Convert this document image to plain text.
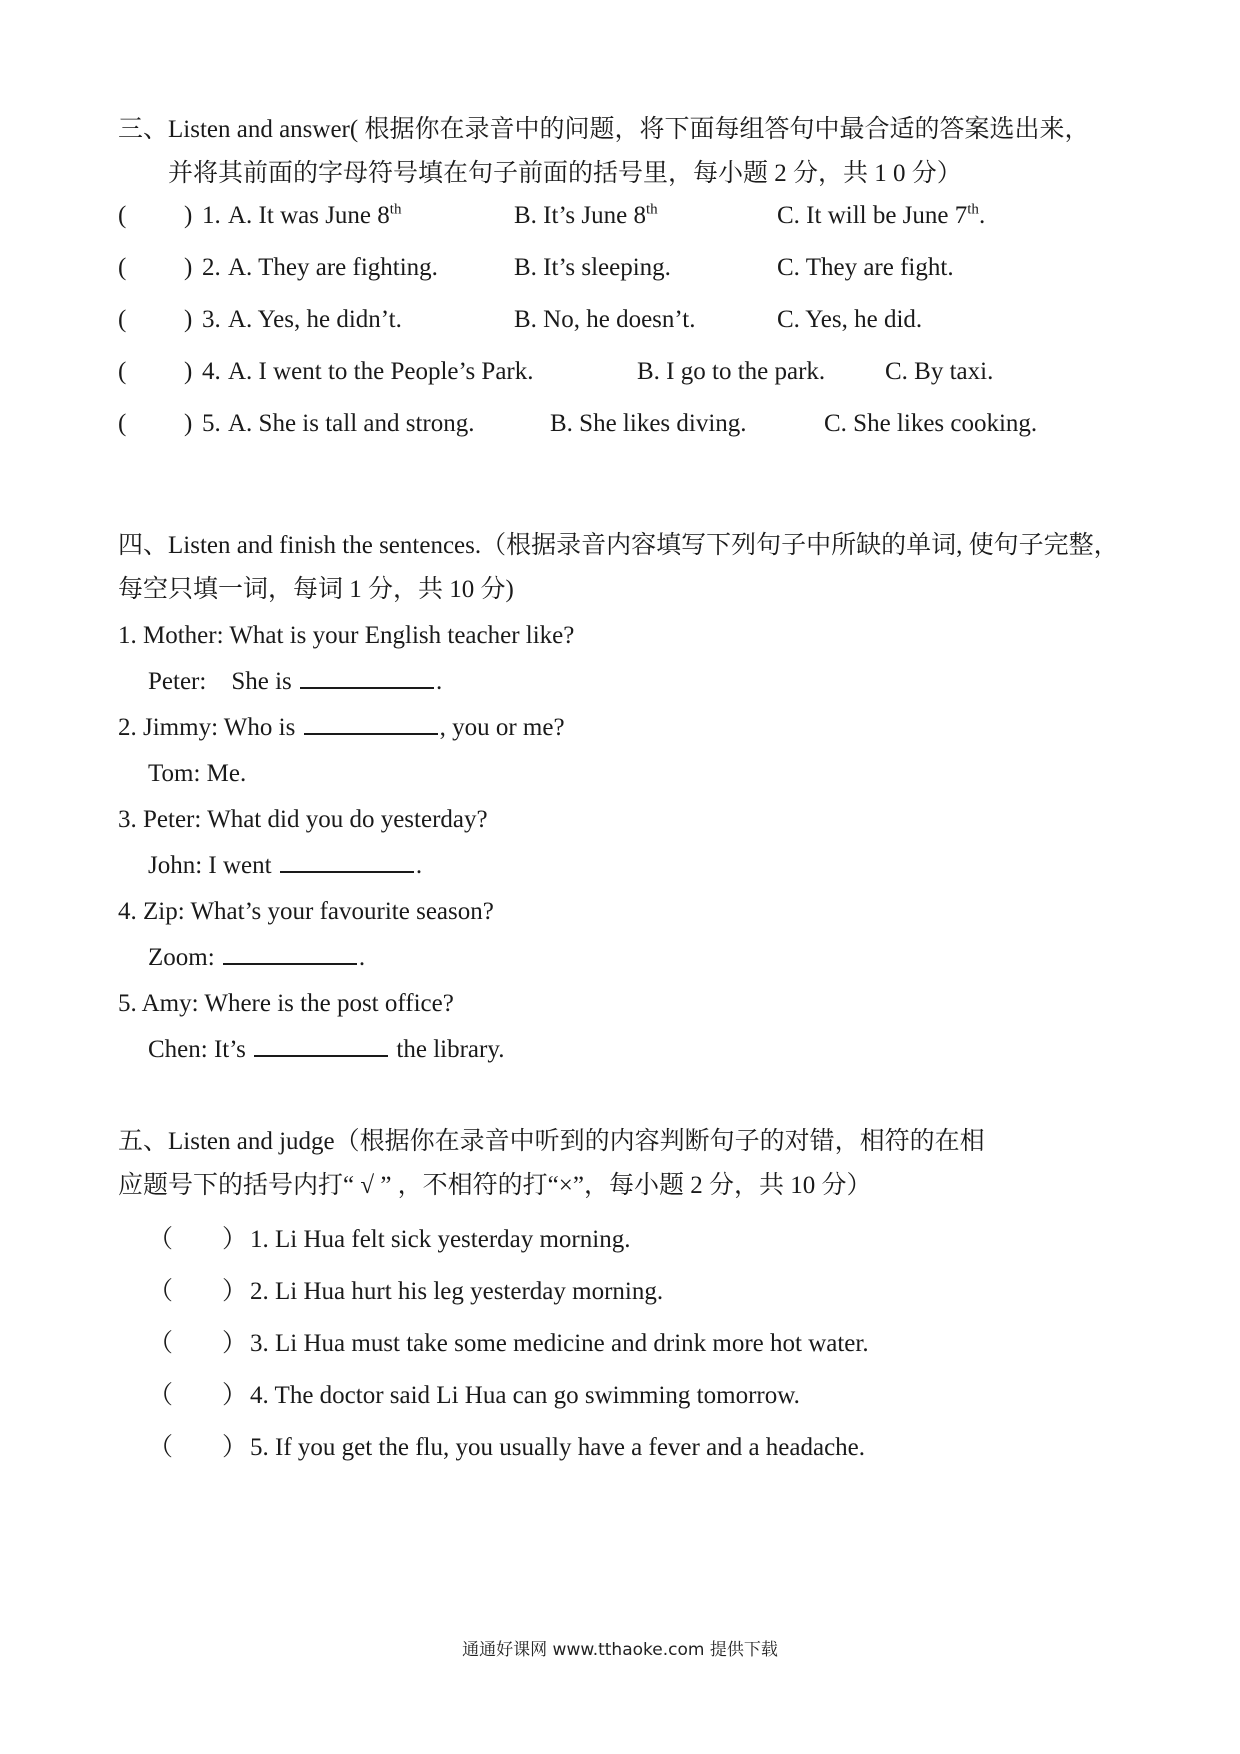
三、Listen and answer( 根据你在录音中的问题，将下面每组答句中最合适的答案选出来，
并将其前面的字母符号填在句子前面的括号里，每小题 2 分，共 1 0 分）
( ) 1. A. It was June 8th	B. It’s June 8th	C. It will be June 7th.
( ) 2. A. They are fighting.	B. It’s sleeping.	C. They are fight.
( ) 3. A. Yes, he didn’t.	B. No, he doesn’t.	C. Yes, he did.
( ) 4. A. I went to the People’s Park.	B. I go to the park. C. By taxi.
( ) 5. A. She is tall and strong.	B. She likes diving.	C. She likes cooking.
四、Listen and finish the sentences.（根据录音内容填写下列句子中所缺的单词, 使句子完整，
每空只填一词，每词 1 分，共 10 分)
1. Mother: What is your English teacher like?
Peter:    She is	.
2. Jimmy: Who is	, you or me?
Tom: Me.
3. Peter: What did you do yesterday?
John: I went	.
4. Zip: What’s your favourite season?
Zoom:	.
5. Amy: Where is the post office?
Chen: It’s	the library.
五、Listen and judge（根据你在录音中听到的内容判断句子的对错，相符的在相
应题号下的括号内打“ √ ” ，不相符的打“×”，每小题 2 分，共 10 分）
（ ） 1. Li Hua felt sick yesterday morning.
（ ） 2. Li Hua hurt his leg yesterday morning.
（ ） 3. Li Hua must take some medicine and drink more hot water.
（ ） 4. The doctor said Li Hua can go swimming tomorrow.
（ ） 5. If you get the flu, you usually have a fever and a headache.
通通好课网 www.tthaoke.com 提供下载
